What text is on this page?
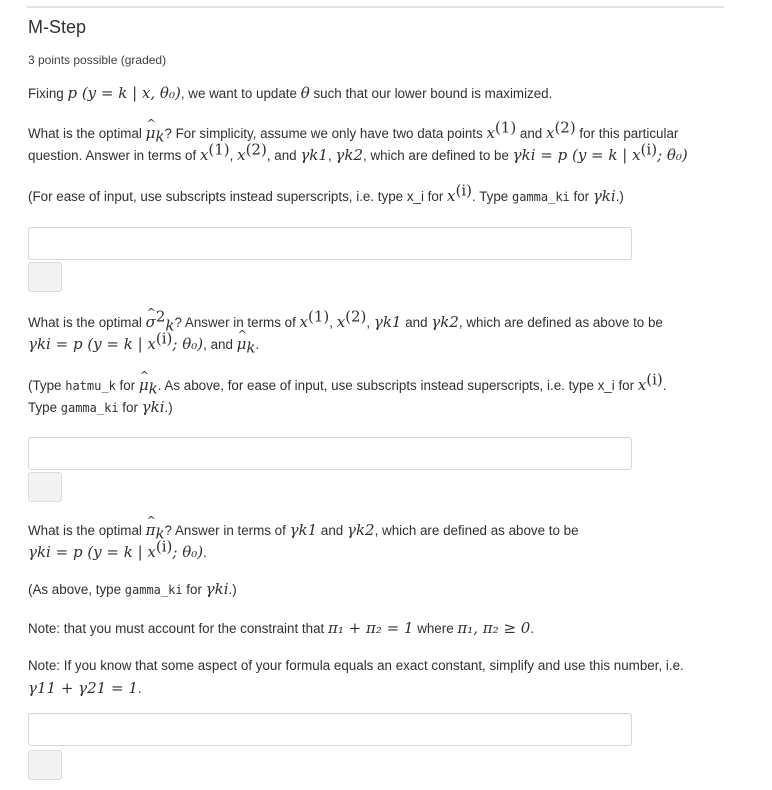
M-Step
3 points possible (graded)
Fixing p (y = k | x, θ₀), we want to update θ such that our lower bound is maximized.
What is the optimal ^ $\mu_k$? For simplicity, assume we only have two data points $x^{(1)}$ and $x^{(2)}$ for this particular
question. Answer in terms of $x^{(1)}$, $x^{(2)}$, and γk1, γk2, which are defined to be γki = p (y = k | $x^{(i)}$; θ₀)
(For ease of input, use subscripts instead superscripts, i.e. type x_i for $x^{(i)}$. Type gamma_ki for γki.)
What is the optimal ^ $\sigma^2_k$? Answer in terms of $x^{(1)}$, $x^{(2)}$, γk1 and γk2, which are defined as above to be
γki = p (y = k | $x^{(i)}$; θ₀), and ^ $\mu_k$.
(Type hatmu_k for ^ $\mu_k$. As above, for ease of input, use subscripts instead superscripts, i.e. type x_i for $x^{(i)}$.
Type gamma_ki for γki.)
What is the optimal ^ $\pi_k$? Answer in terms of γk1 and γk2, which are defined as above to be
γki = p (y = k | $x^{(i)}$; θ₀).
(As above, type gamma_ki for γki.)
Note: that you must account for the constraint that π₁ + π₂ = 1 where π₁, π₂ ≥ 0.
Note: If you know that some aspect of your formula equals an exact constant, simplify and use this number, i.e.
γ11 + γ21 = 1.
